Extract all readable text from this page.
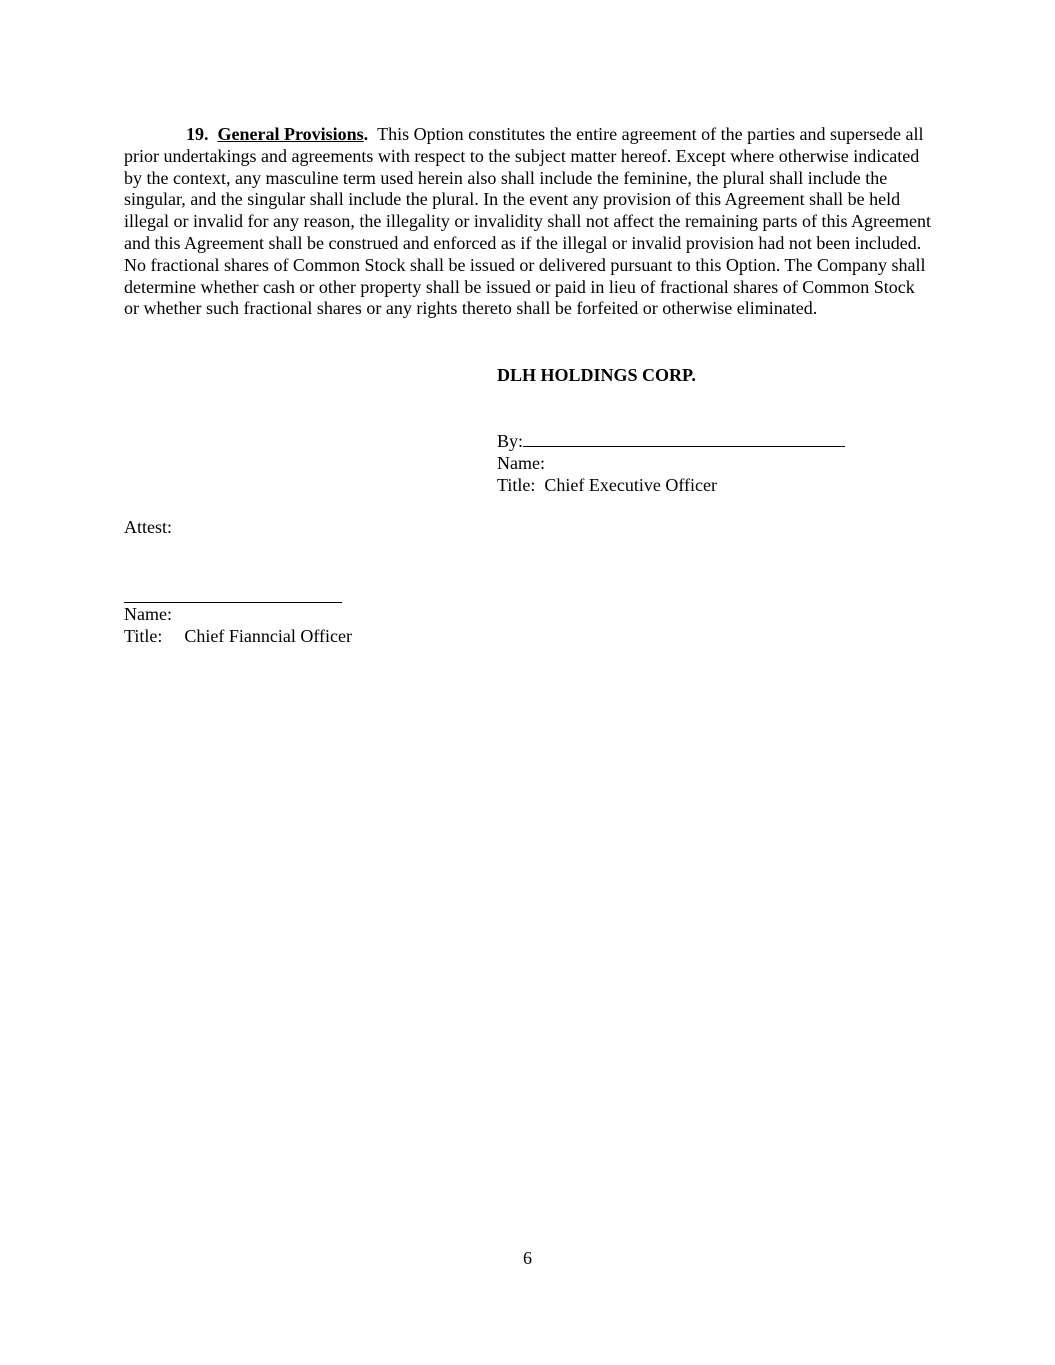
19. General Provisions. This Option constitutes the entire agreement of the parties and supersede all prior undertakings and agreements with respect to the subject matter hereof. Except where otherwise indicated by the context, any masculine term used herein also shall include the feminine, the plural shall include the singular, and the singular shall include the plural. In the event any provision of this Agreement shall be held illegal or invalid for any reason, the illegality or invalidity shall not affect the remaining parts of this Agreement and this Agreement shall be construed and enforced as if the illegal or invalid provision had not been included. No fractional shares of Common Stock shall be issued or delivered pursuant to this Option. The Company shall determine whether cash or other property shall be issued or paid in lieu of fractional shares of Common Stock or whether such fractional shares or any rights thereto shall be forfeited or otherwise eliminated.
DLH HOLDINGS CORP.
By:
Name:
Title: Chief Executive Officer
Attest:
Name:
Title: Chief Fianncial Officer
6
